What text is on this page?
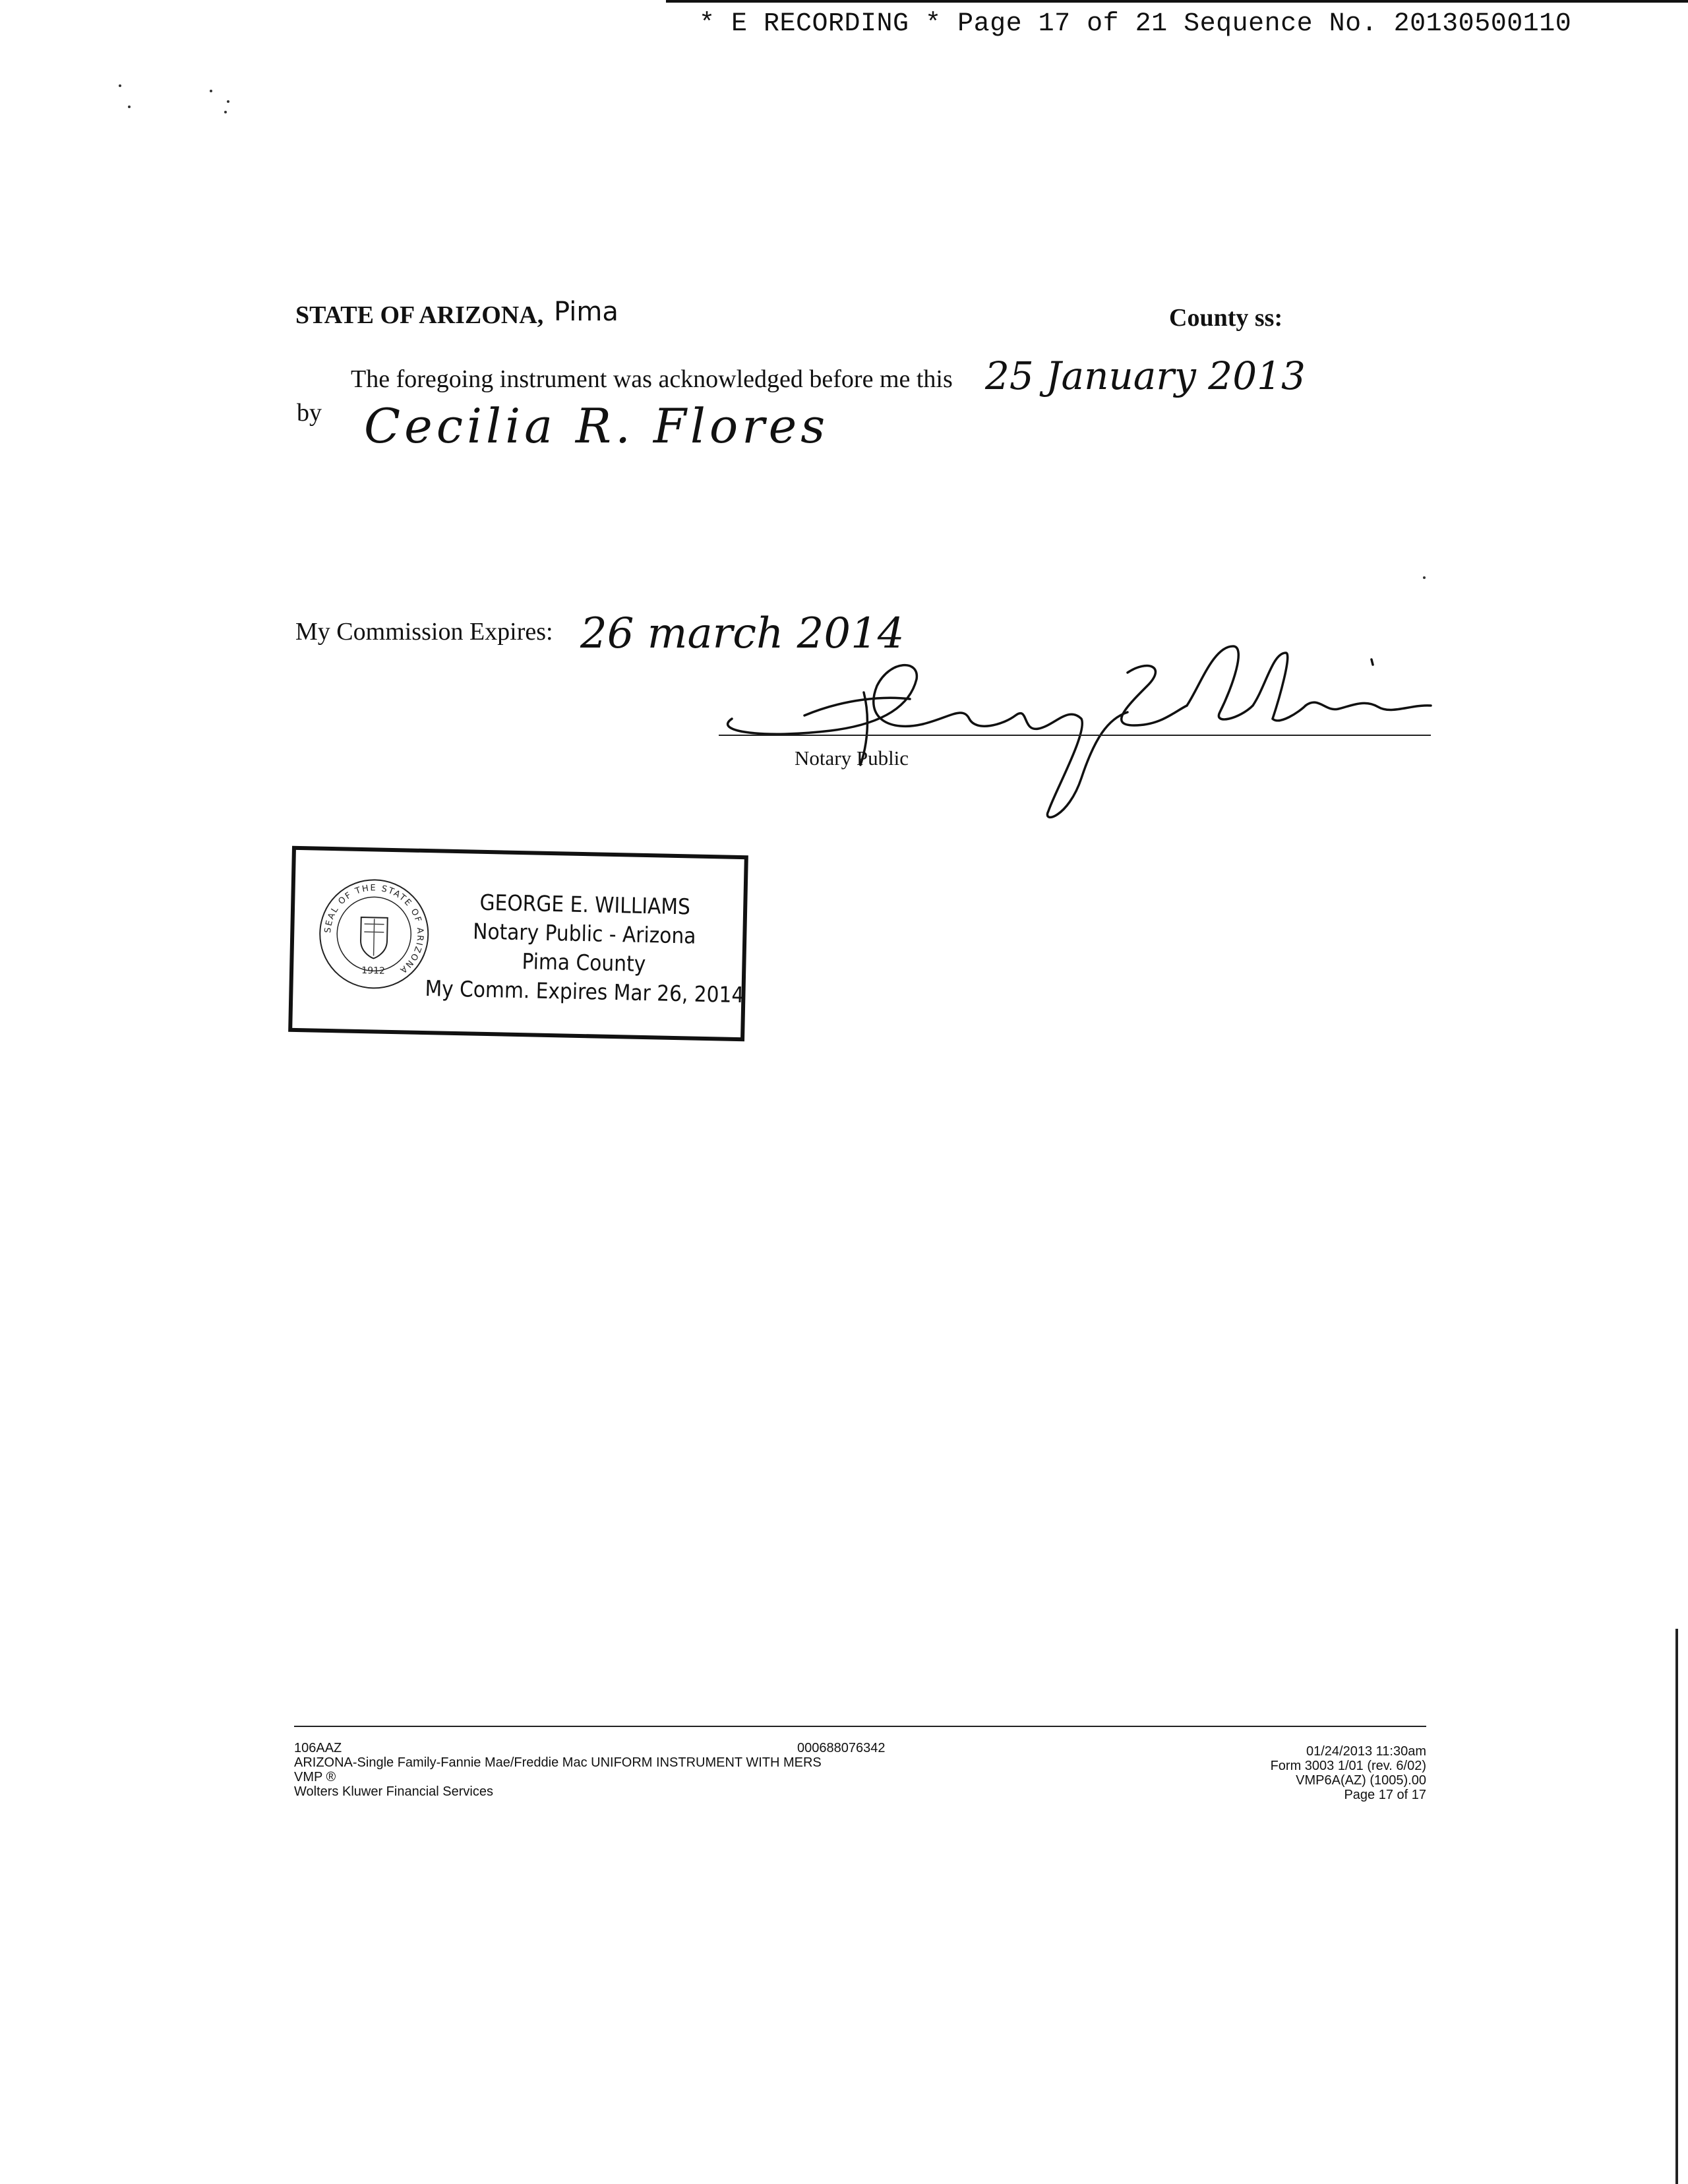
* E RECORDING * Page 17 of 21 Sequence No. 20130500110
STATE OF ARIZONA, Pima	County ss:
The foregoing instrument was acknowledged before me this 25 January 2013
by Cecilia R. Flores
My Commission Expires: 26 march 2014
Notary Public
SEAL OF THE STATE OF ARIZONA
1912
GEORGE E. WILLIAMS
Notary Public - Arizona
Pima County
My Comm. Expires Mar 26, 2014
106AAZ
ARIZONA-Single Family-Fannie Mae/Freddie Mac UNIFORM INSTRUMENT WITH MERS
VMP ®
Wolters Kluwer Financial Services
000688076342	01/24/2013 11:30am
Form 3003 1/01 (rev. 6/02)
VMP6A(AZ) (1005).00
Page 17 of 17
